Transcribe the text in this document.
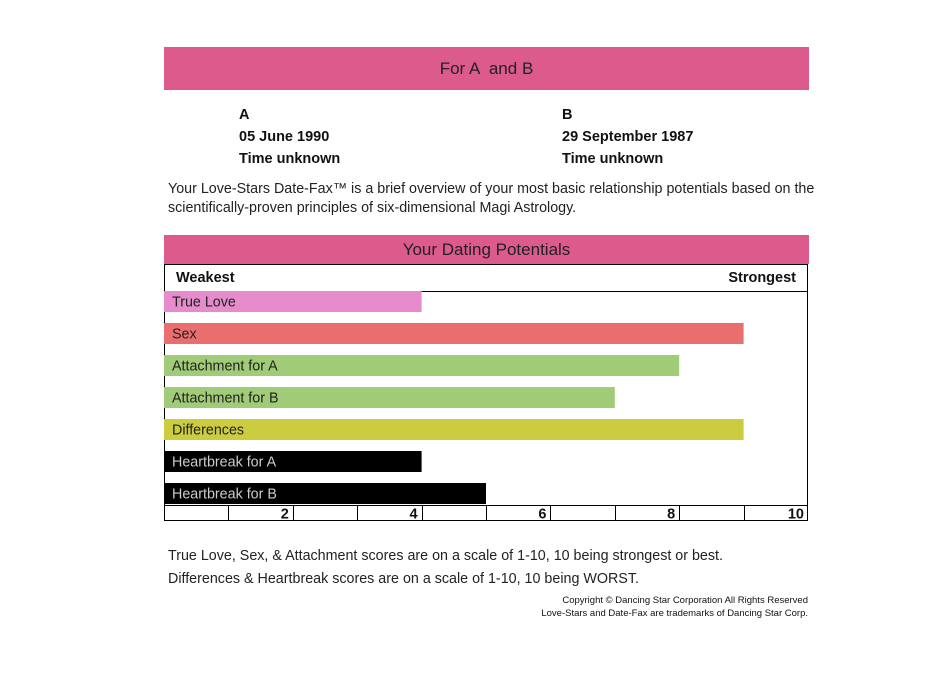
For A  and B
A
05 June 1990
Time unknown
B
29 September 1987
Time unknown
Your Love-Stars Date-Fax™ is a brief overview of your most basic relationship potentials based on the scientifically-proven principles of six-dimensional Magi Astrology.
Your Dating Potentials
Weakest	Strongest
True Love
Sex
Attachment for A
Attachment for B
Differences
Heartbreak for A
Heartbreak for B
2	4	6	8	10
True Love, Sex, & Attachment scores are on a scale of 1-10, 10 being strongest or best.
Differences & Heartbreak scores are on a scale of 1-10, 10 being WORST.
Copyright © Dancing Star Corporation All Rights Reserved
Love-Stars and Date-Fax are trademarks of Dancing Star Corp.
